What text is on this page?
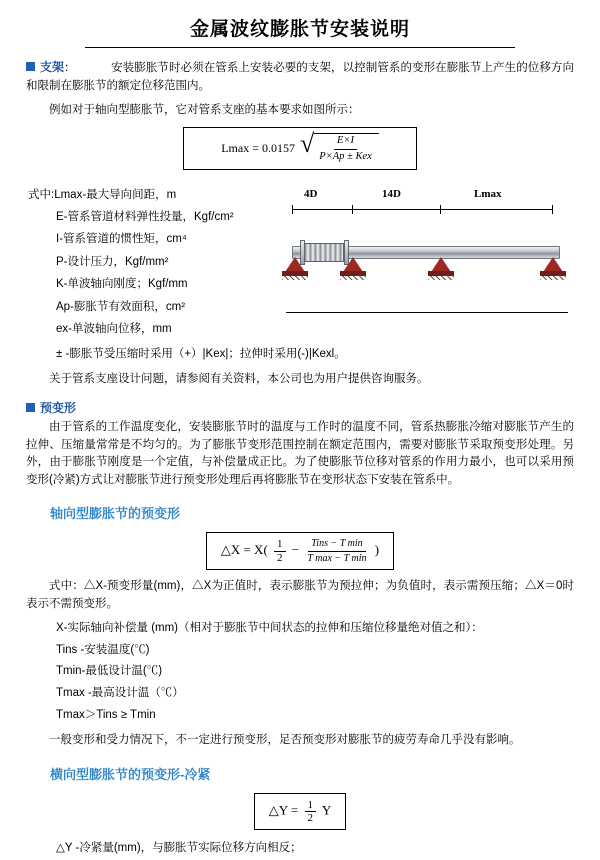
金属波纹膨胀节安装说明
支架 ：	安装膨胀节时必须在管系上安装必要的支架，以控制管系的变形在膨胀节上产生的位移方向和限制在膨胀节的额定位移范围内。
例如对于轴向型膨胀节，它对管系支座的基本要求如图所示：
Lmax = 0.0157 √ $\frac{E\times I}{\text{P×Ap ± Kex}}$
式中:Lmax-最大导向间距，m
E-管系管道材料弹性投量，Kgf/cm²
I-管系管道的惯性矩，cm⁴
P-设计压力，Kgf/mm²
K-单波轴向刚度；Kgf/mm
Ap-膨胀节有效面积，cm²
ex-单波轴向位移，mm
4D	14D	Lmax
± -膨胀节受压缩时采用（+）|Kex|；拉伸时采用(-)|Kexl。
关于管系支座设计问题，请参阅有关资料，本公司也为用户提供咨询服务。
预变形
由于管系的工作温度变化，安装膨胀节时的温度与工作时的温度不同，管系热膨胀冷缩对膨胀节产生的拉伸、压缩量常常是不均匀的。为了膨胀节变形范围控制在额定范围内，需要对膨胀节采取预变形处理。另外，由于膨胀节刚度是一个定值，与补偿量成正比。为了使膨胀节位移对管系的作用力最小，也可以采用预变形(冷紧)方式让对膨胀节进行预变形处理后再将膨胀节在变形状态下安装在管系中。
轴向型膨胀节的预变形
△X = $X( \frac{1}{2} - \frac{\text{Tins − T min}}{\text{T max − T min}}$ )
式中：△X-预变形量(mm)，△X为正值时，表示膨胀节为预拉伸；为负值时，表示需预压缩；△X＝0时表示不需预变形。
X-实际轴向补偿量 (mm)（相对于膨胀节中间状态的拉伸和压缩位移量绝对值之和）：
Tins -安装温度(℃)
Tmin-最低设计温(℃)
Tmax -最高设计温（℃）
Tmax＞Tins ≥ Tmin
一般变形和受力情况下，不一定进行预变形，足否预变形对膨胀节的疲劳寿命几乎没有影响。
横向型膨胀节的预变形-冷紧
△Y = $\frac{1}{2}$ Y
△Y -冷紧量(mm)，与膨胀节实际位移方向相反；
